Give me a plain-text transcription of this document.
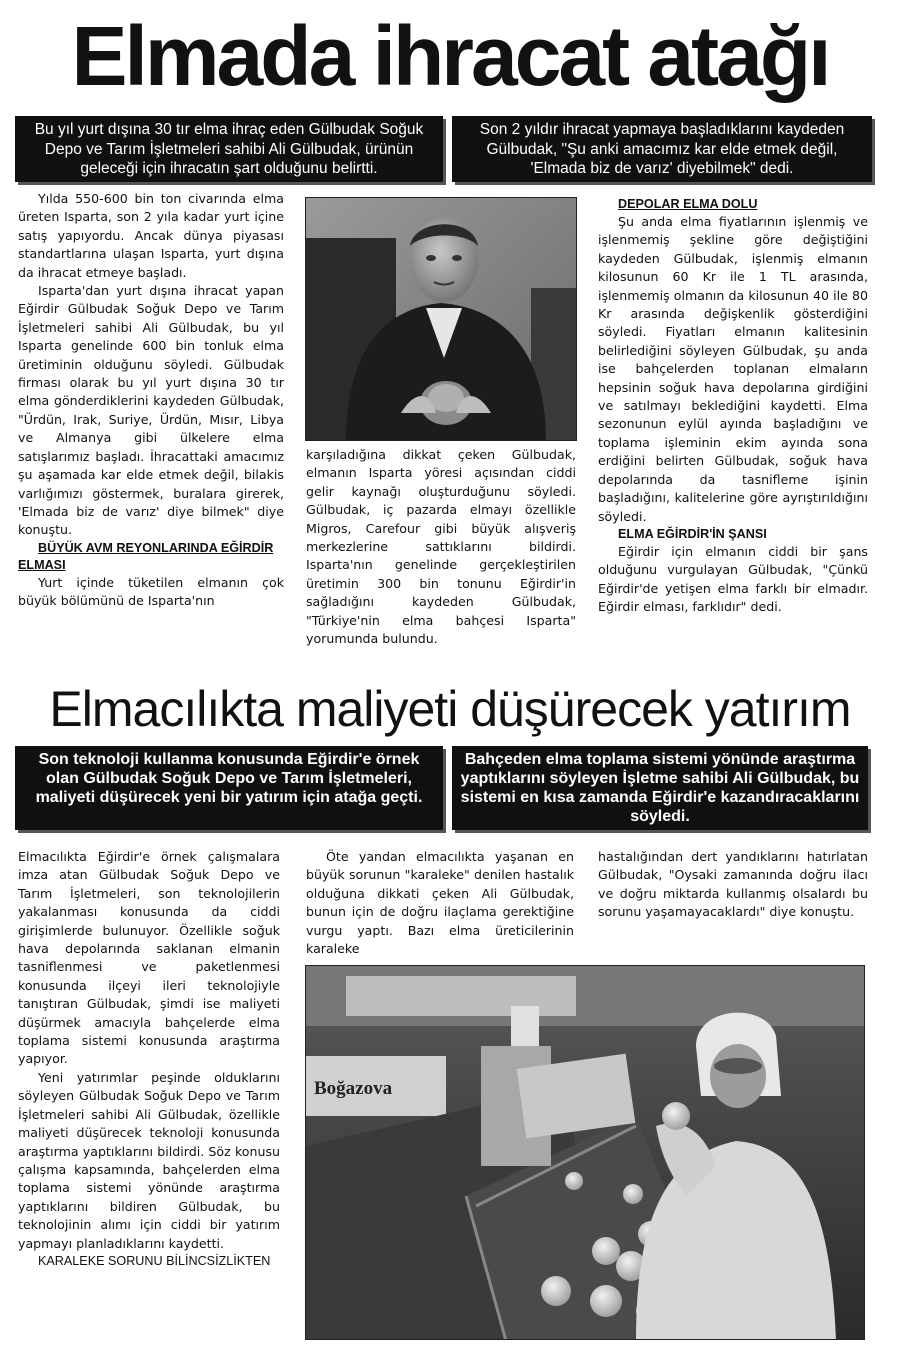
Elmada ihracat atağı
Bu yıl yurt dışına 30 tır elma ihraç eden Gülbudak Soğuk Depo ve Tarım İşletmeleri sahibi Ali Gülbudak, ürünün geleceği için ihracatın şart olduğunu belirtti.
Son 2 yıldır ihracat yapmaya başladıklarını kaydeden Gülbudak, "Şu anki amacımız kar elde etmek değil, 'Elmada biz de varız' diyebilmek" dedi.

Yılda 550-600 bin ton civarında elma üreten Isparta, son 2 yıla kadar yurt içine satış yapıyordu. Ancak dünya piyasası standartlarına ulaşan Isparta, yurt dışına da ihracat etmeye başladı.

Isparta'dan yurt dışına ihracat yapan Eğirdir Gülbudak Soğuk Depo ve Tarım İşletmeleri sahibi Ali Gülbudak, bu yıl Isparta genelinde 600 bin tonluk elma üretiminin olduğunu söyledi. Gülbudak firması olarak bu yıl yurt dışına 30 tır elma gönderdiklerini kaydeden Gülbudak, "Ürdün, Irak, Suriye, Ürdün, Mısır, Libya ve Almanya gibi ülkelere elma satışlarımız başladı. İhracattaki amacımız şu aşamada kar elde etmek değil, bilakis varlığımızı göstermek, buralara girerek, 'Elmada biz de varız' diye bilmek" diye konuştu.

BÜYÜK AVM REYONLARINDA EĞİRDİR ELMASI

Yurt içinde tüketilen elmanın çok büyük bölümünü de Isparta'nın

karşıladığına dikkat çeken Gülbudak, elmanın Isparta yöresi açısından ciddi gelir kaynağı oluşturduğunu söyledi. Gülbudak, iç pazarda elmayı özellikle Migros, Carefour gibi büyük alışveriş merkezlerine sattıklarını bildirdi. Isparta'nın genelinde gerçekleştirilen üretimin 300 bin tonunu Eğirdir'in sağladığını kaydeden Gülbudak, "Türkiye'nin elma bahçesi Isparta" yorumunda bulundu.

DEPOLAR ELMA DOLU

Şu anda elma fiyatlarının işlenmiş ve işlenmemiş şekline göre değiştiğini kaydeden Gülbudak, işlenmiş elmanın kilosunun 60 Kr ile 1 TL arasında, işlenmemiş olmanın da kilosunun 40 ile 80 Kr arasında değişkenlik gösterdiğini söyledi. Fiyatları elmanın kalitesinin belirlediğini söyleyen Gülbudak, şu anda ise bahçelerden toplanan elmaların hepsinin soğuk hava depolarına girdiğini ve satılmayı beklediğini kaydetti. Elma sezonunun eylül ayında başladığını ve toplama işleminin ekim ayında sona erdiğini belirten Gülbudak, soğuk hava depolarında da tasnifleme işinin başladığını, kalitelerine göre ayrıştırıldığını söyledi.

ELMA EĞİRDİR'İN ŞANSI

Eğirdir için elmanın ciddi bir şans olduğunu vurgulayan Gülbudak, "Çünkü Eğirdir'de yetişen elma farklı bir elmadır. Eğirdir elması, farklıdır" dedi.

Elmacılıkta maliyeti düşürecek yatırım
Son teknoloji kullanma konusunda Eğirdir'e örnek olan Gülbudak Soğuk Depo ve Tarım İşletmeleri, maliyeti düşürecek yeni bir yatırım için atağa geçti.
Bahçeden elma toplama sistemi yönünde araştırma yaptıklarını söyleyen İşletme sahibi Ali Gülbudak, bu sistemi en kısa zamanda Eğirdir'e kazandıracaklarını söyledi.

Elmacılıkta Eğirdir'e örnek çalışmalara imza atan Gülbudak Soğuk Depo ve Tarım İşletmeleri, son teknolojilerin yakalanması konusunda da ciddi girişimlerde bulunuyor. Özellikle soğuk hava depolarında saklanan elmanin tasniflenmesi ve paketlenmesi konusunda ilçeyi ileri teknolojiyle tanıştıran Gülbudak, şimdi ise maliyeti düşürmek amacıyla bahçelerde elma toplama sistemi konusunda araştırma yapıyor.

Yeni yatırımlar peşinde olduklarını söyleyen Gülbudak Soğuk Depo ve Tarım İşletmeleri sahibi Ali Gülbudak, özellikle maliyeti düşürecek teknoloji konusunda araştırma yaptıklarını bildirdi. Söz konusu çalışma kapsamında, bahçelerden elma toplama sistemi yönünde araştırma yaptıklarını bildiren Gülbudak, bu teknolojinin alımı için ciddi bir yatırım yapmayı planladıklarını kaydetti.

KARALEKE SORUNU BİLİNCSİZLİKTEN

Öte yandan elmacılıkta yaşanan en büyük sorunun "karaleke" denilen hastalık olduğuna dikkati çeken Ali Gülbudak, bunun için de doğru ilaçlama gerektiğine vurgu yaptı. Bazı elma üreticilerinin karaleke

hastalığından dert yandıklarını hatırlatan Gülbudak, "Oysaki zamanında doğru ilacı ve doğru miktarda kullanmış olsalardı bu sorunu yaşamayacaklardı" diye konuştu.

Boğazova
